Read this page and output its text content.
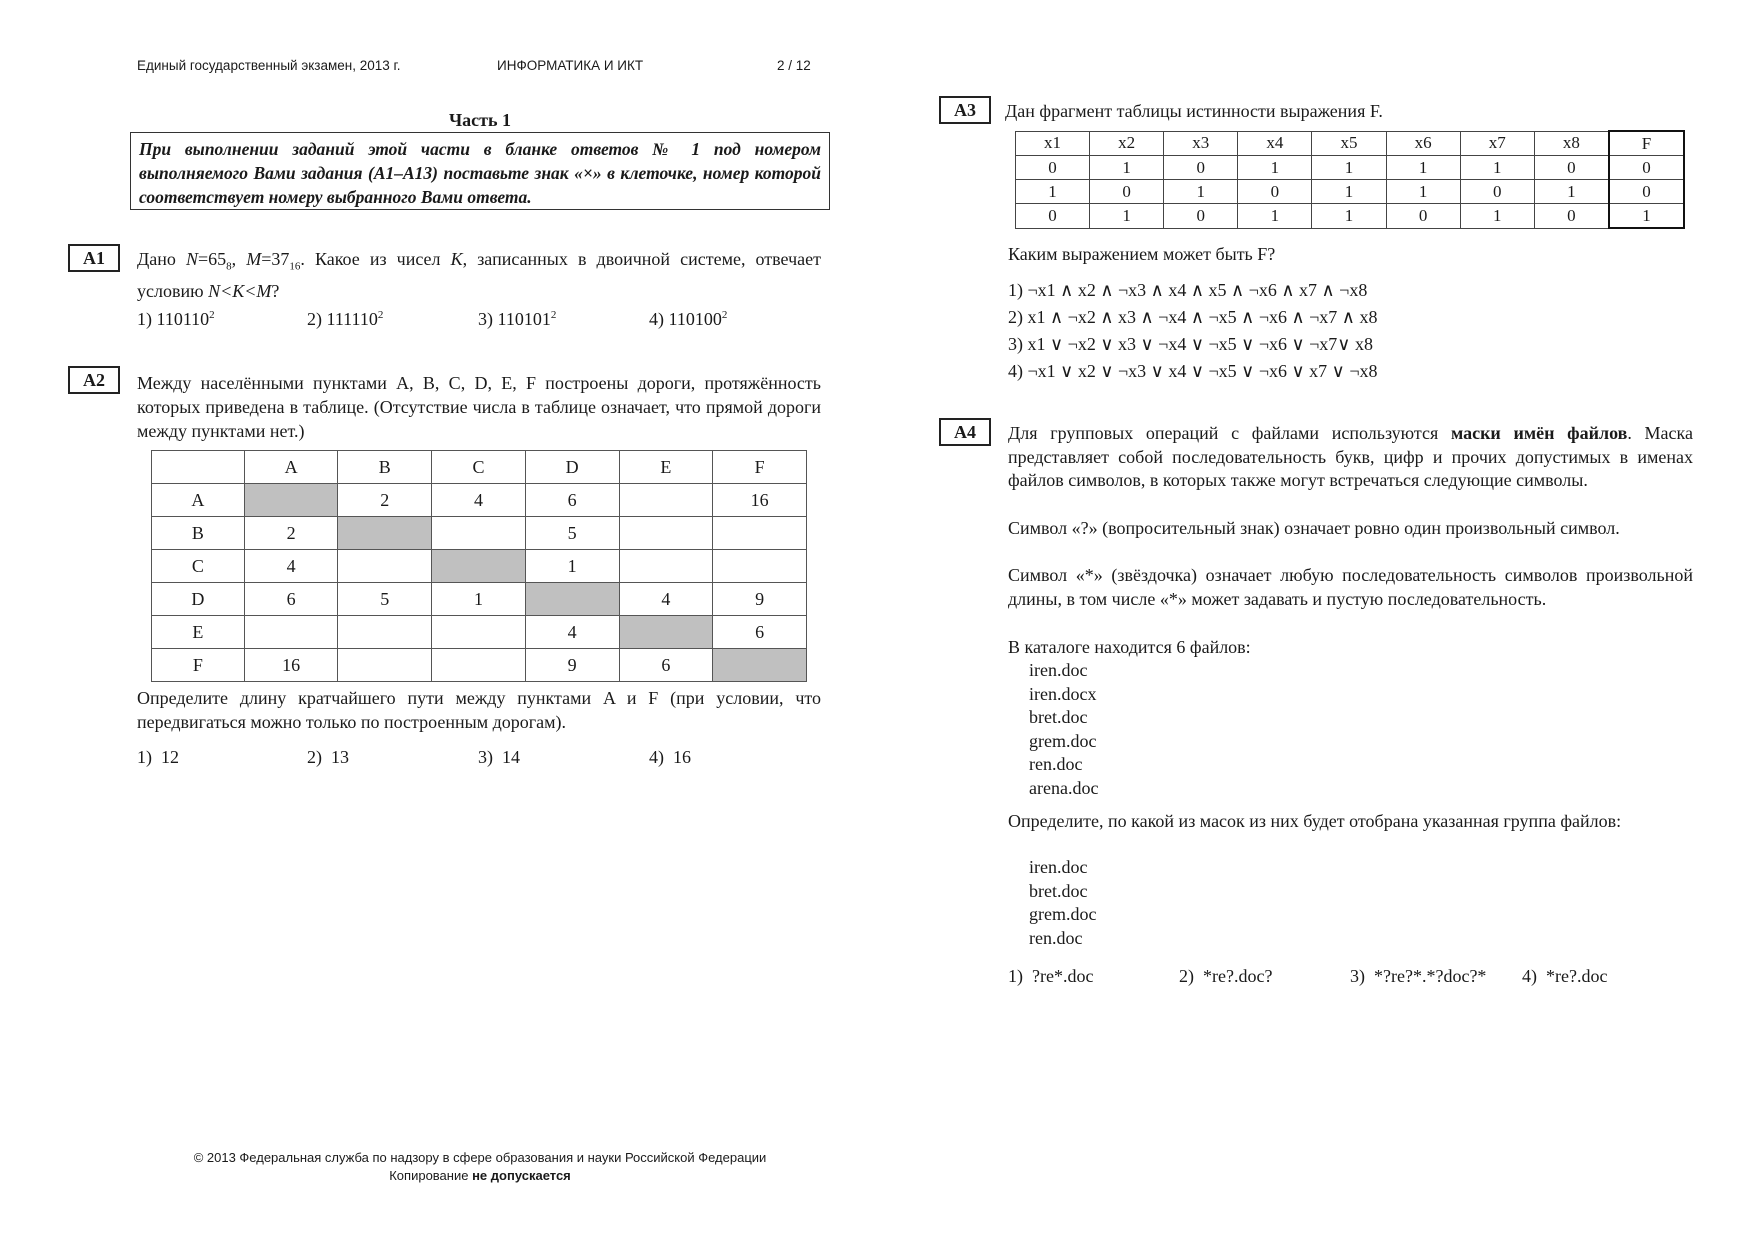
Единый государственный экзамен, 2013 г.	ИНФОРМАТИКА И ИКТ	2 / 12
Часть 1
При выполнении заданий этой части в бланке ответов № 1 под номером выполняемого Вами задания (А1–А13) поставьте знак «×» в клеточке, номер которой соответствует номеру выбранного Вами ответа.
А1	Дано $N=65_8$, $M=37_{16}$. Какое из чисел K, записанных в двоичной системе, отвечает условию N<K<M?
1)
110110 2	2)
111110 2	3)
110101 2	4)
110100 2
А2	Между населёнными пунктами A, B, C, D, E, F построены дороги, протяжённость которых приведена в таблице. (Отсутствие числа в таблице означает, что прямой дороги между пунктами нет.)
	A	B	C	D	E	F
A		2	4	6		16
B	2			5		
C	4			1		
D	6	5	1		4	9
E				4		6
F	16			9	6	
Определите длину кратчайшего пути между пунктами A и F (при условии, что передвигаться можно только по построенным дорогам).
1)
12	2)
13	3)
14	4)
16
А3	Дан фрагмент таблицы истинности выражения F.
x1	x2	x3	x4	x5	x6	x7	x8	F
0	1	0	1	1	1	1	0	0
1	0	1	0	1	1	0	1	0
0	1	0	1	1	0	1	0	1
Каким выражением может быть F?
1) ¬x1 ∧ x2 ∧ ¬x3 ∧ x4 ∧ x5 ∧ ¬x6 ∧ x7 ∧ ¬x8
2) x1 ∧ ¬x2 ∧ x3 ∧ ¬x4 ∧ ¬x5 ∧ ¬x6 ∧ ¬x7 ∧ x8
3) x1 ∨ ¬x2 ∨ x3 ∨ ¬x4 ∨ ¬x5 ∨ ¬x6 ∨ ¬x7∨ x8
4) ¬x1 ∨ x2 ∨ ¬x3 ∨ x4 ∨ ¬x5 ∨ ¬x6 ∨ x7 ∨ ¬x8
А4	Для групповых операций с файлами используются маски имён файлов. Маска представляет собой последовательность букв, цифр и прочих допустимых в именах файлов символов, в которых также могут встречаться следующие символы.
Символ «?» (вопросительный знак) означает ровно один произвольный символ.
Символ «*» (звёздочка) означает любую последовательность символов произвольной длины, в том числе «*» может задавать и пустую последовательность.
В каталоге находится 6 файлов:
iren.doc
iren.docx
bret.doc
grem.doc
ren.doc
arena.doc
Определите, по какой из масок из них будет отобрана указанная группа файлов:
iren.doc
bret.doc
grem.doc
ren.doc
1)
?re*.doc	2)
*re?.doc?	3)
*?re?*.*?doc?* 4)
*re?.doc
© 2013 Федеральная служба по надзору в сфере образования и науки Российской Федерации
Копирование не допускается
